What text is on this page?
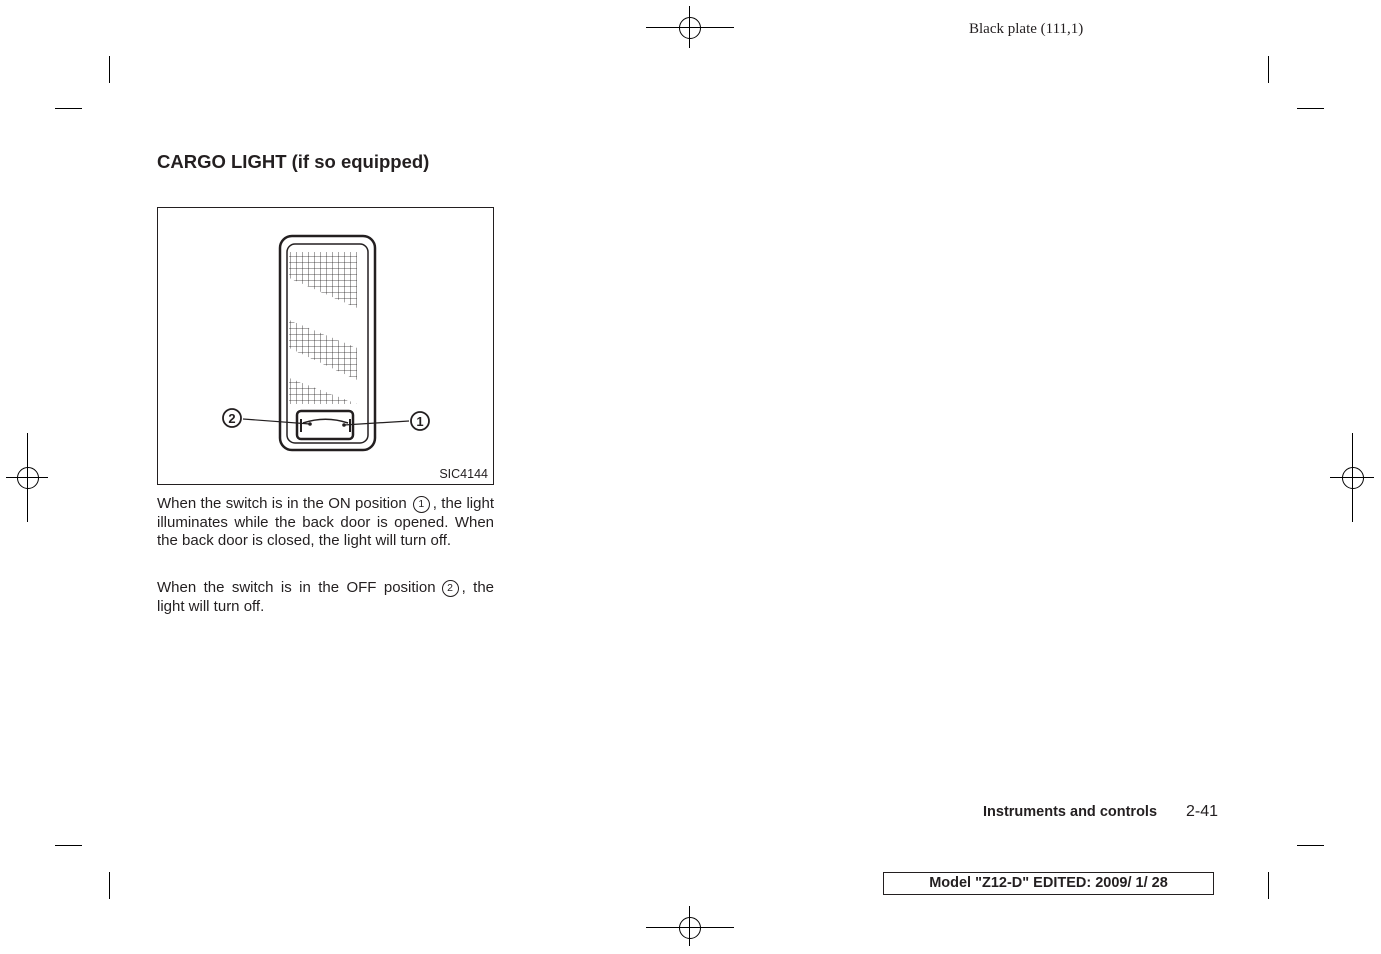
Black plate (111,1)
CARGO LIGHT (if so equipped)
2	1
SIC4144

When the switch is in the ON position 1 , the light illuminates while the back door is opened. When the back door is closed, the light will turn off.

When the switch is in the OFF position 2 , the light will turn off.

Instruments and controls 2-41
Model "Z12-D" EDITED: 2009/ 1/ 28
